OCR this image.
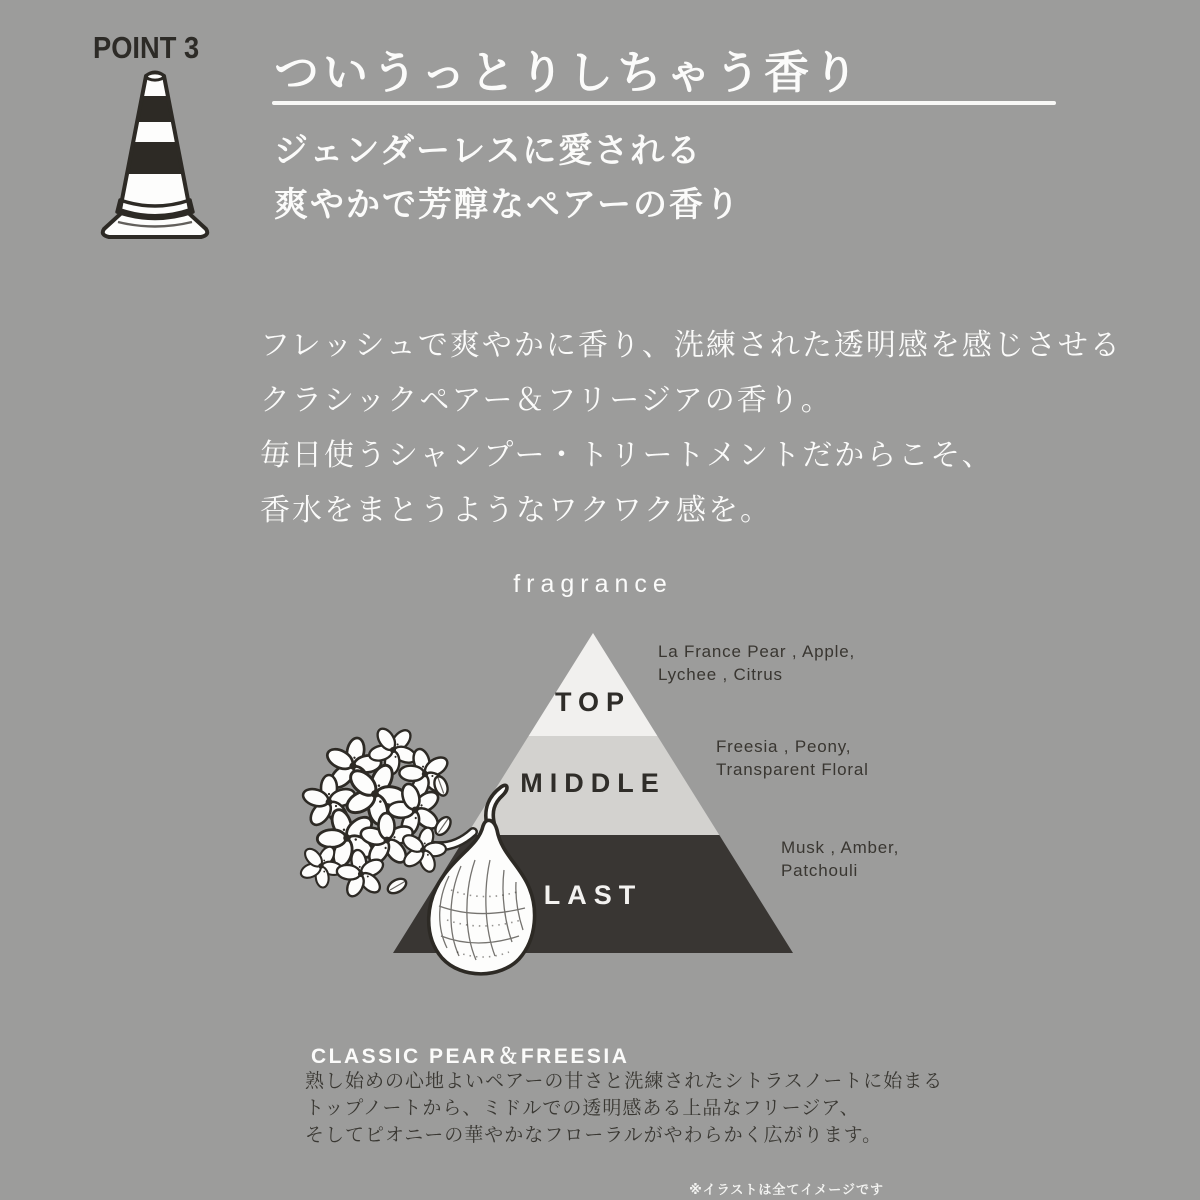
POINT 3 ついうっとりしちゃう香り
ジェンダーレスに愛される
爽やかで芳醇なペアーの香り
フレッシュで爽やかに香り、洗練された透明感を感じさせる
クラシックペアー＆フリージアの香り。
毎日使うシャンプー・トリートメントだからこそ、
香水をまとうようなワクワク感を。
fragrance
TOP
MIDDLE
LAST
La France Pear , Apple,
Lychee , Citrus
Freesia , Peony,
Transparent Floral
Musk , Amber,
Patchouli
CLASSIC PEAR＆FREESIA
熟し始めの心地よいペアーの甘さと洗練されたシトラスノートに始まる
トップノートから、ミドルでの透明感ある上品なフリージア、
そしてピオニーの華やかなフローラルがやわらかく広がります。
※イラストは全てイメージです
